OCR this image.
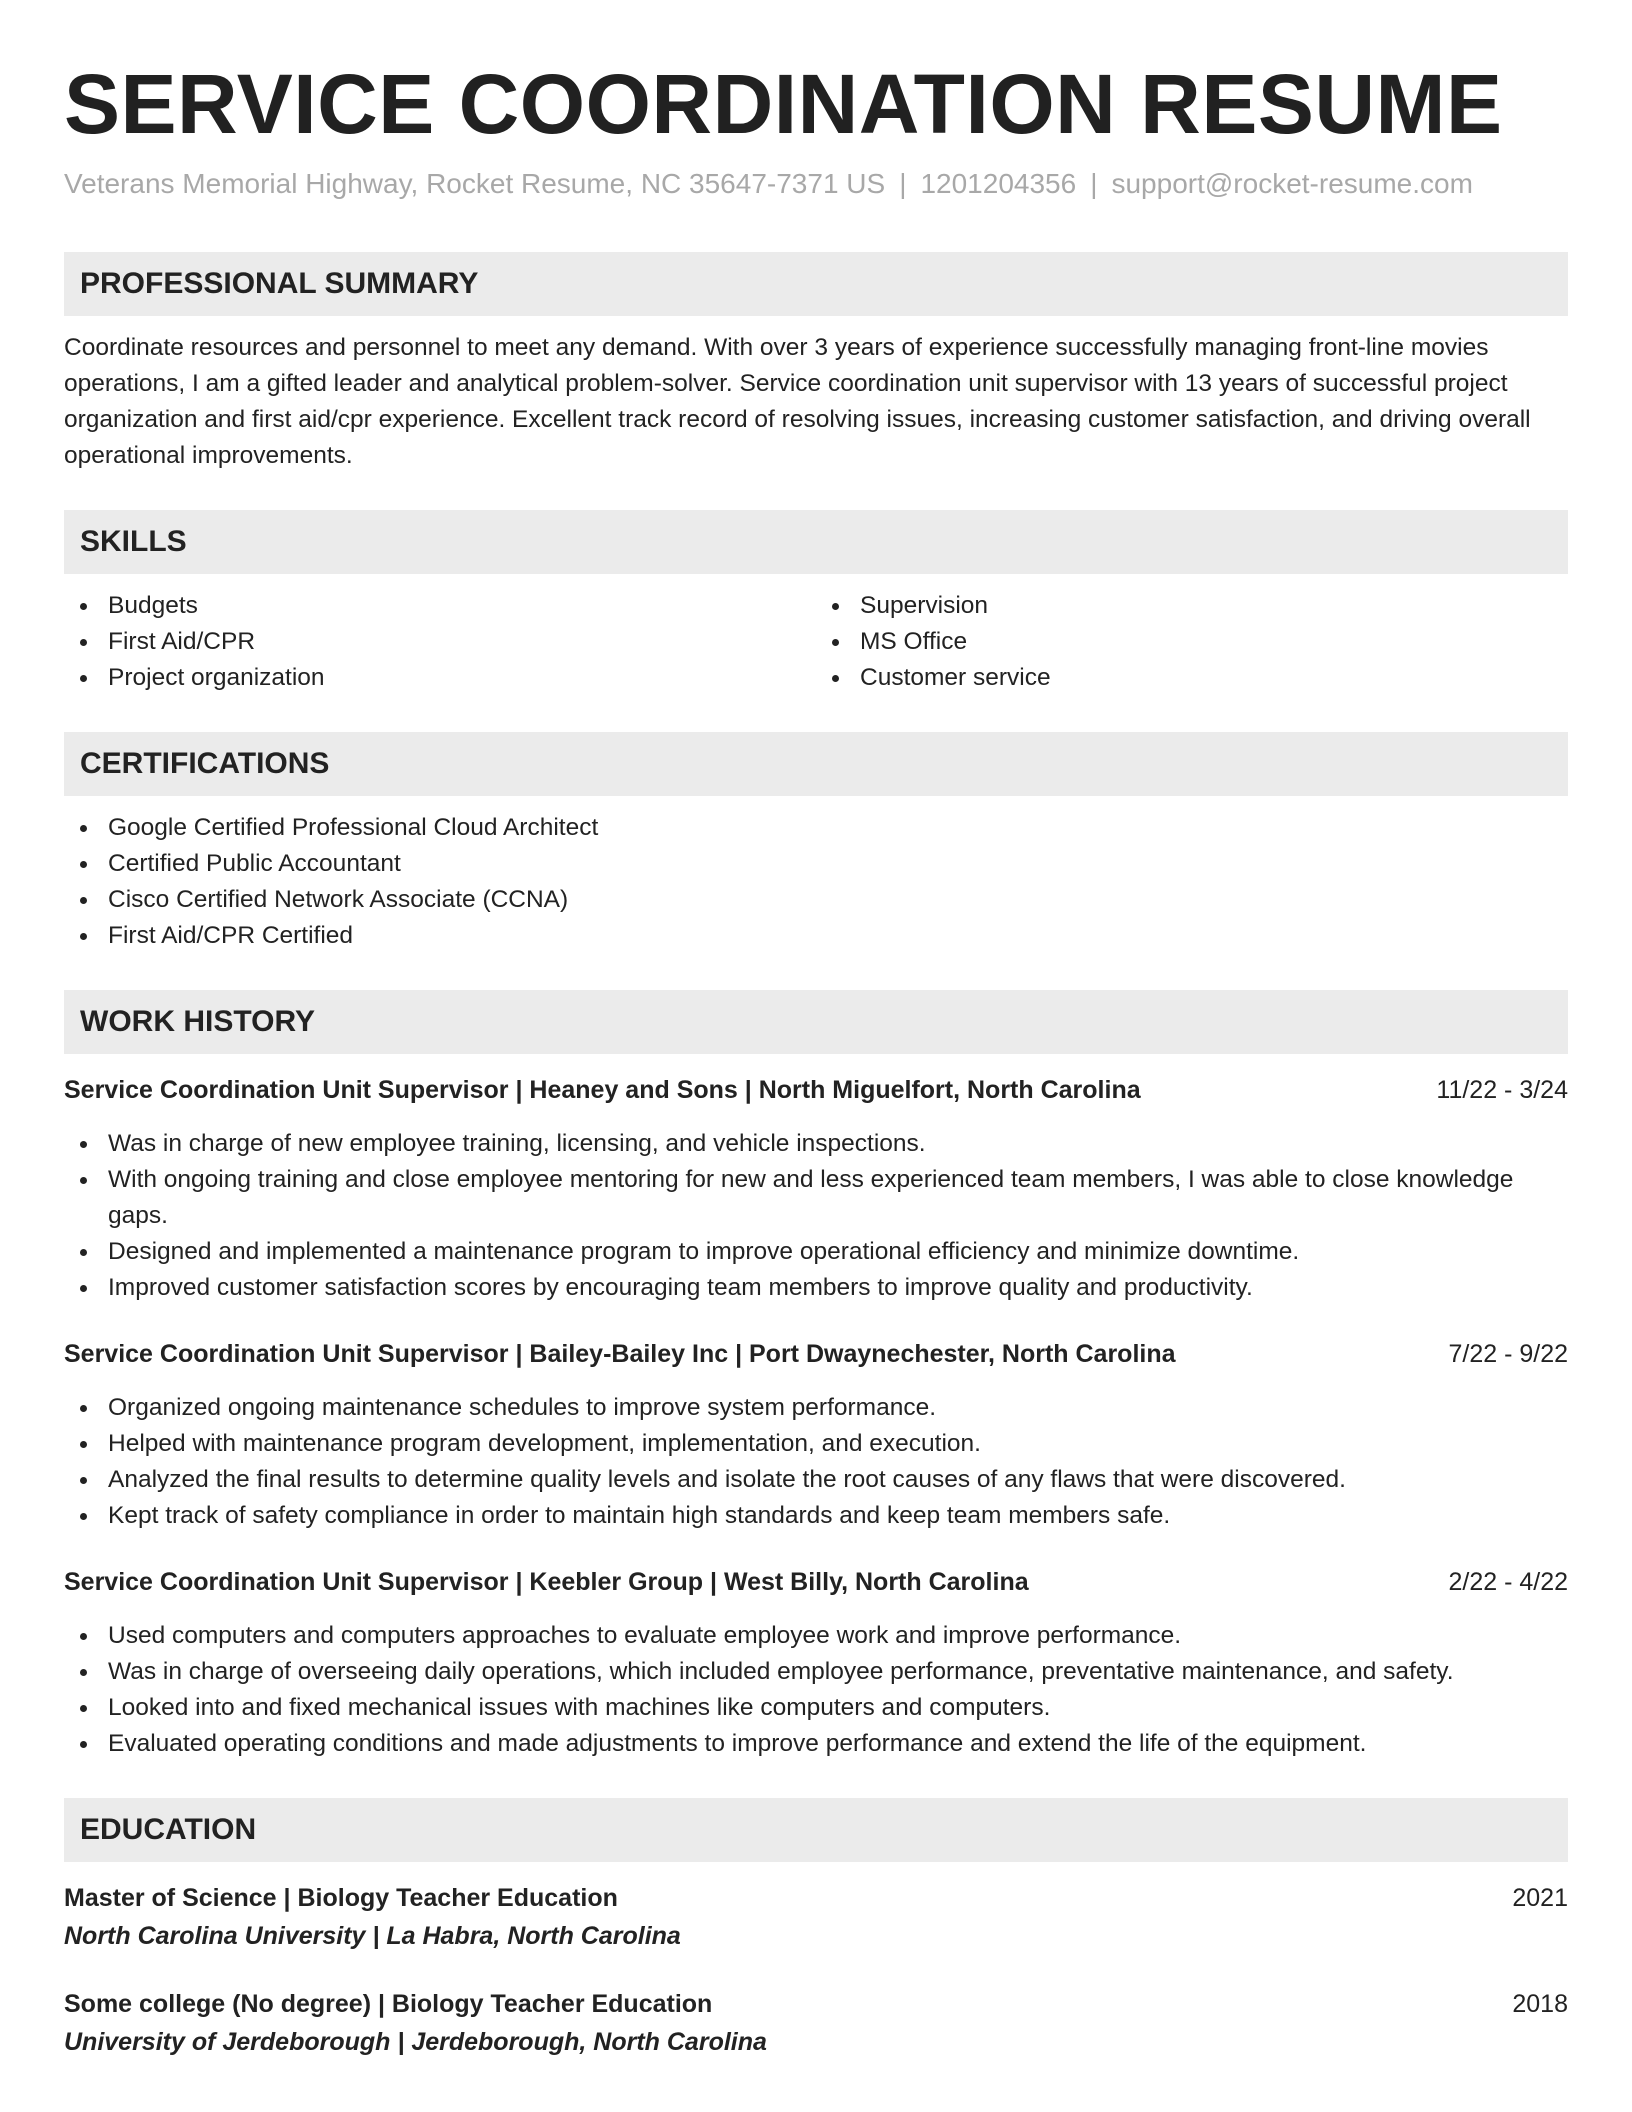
SERVICE COORDINATION RESUME
Veterans Memorial Highway, Rocket Resume, NC 35647-7371 US | 1201204356 | support@rocket-resume.com
PROFESSIONAL SUMMARY
Coordinate resources and personnel to meet any demand. With over 3 years of experience successfully managing front-line movies operations, I am a gifted leader and analytical problem-solver. Service coordination unit supervisor with 13 years of successful project organization and first aid/cpr experience. Excellent track record of resolving issues, increasing customer satisfaction, and driving overall operational improvements.
SKILLS
Budgets
First Aid/CPR
Project organization
Supervision
MS Office
Customer service
CERTIFICATIONS
Google Certified Professional Cloud Architect
Certified Public Accountant
Cisco Certified Network Associate (CCNA)
First Aid/CPR Certified
WORK HISTORY
Service Coordination Unit Supervisor | Heaney and Sons | North Miguelfort, North Carolina	11/22 - 3/24
Was in charge of new employee training, licensing, and vehicle inspections.
With ongoing training and close employee mentoring for new and less experienced team members, I was able to close knowledge gaps.
Designed and implemented a maintenance program to improve operational efficiency and minimize downtime.
Improved customer satisfaction scores by encouraging team members to improve quality and productivity.
Service Coordination Unit Supervisor | Bailey-Bailey Inc | Port Dwaynechester, North Carolina	7/22 - 9/22
Organized ongoing maintenance schedules to improve system performance.
Helped with maintenance program development, implementation, and execution.
Analyzed the final results to determine quality levels and isolate the root causes of any flaws that were discovered.
Kept track of safety compliance in order to maintain high standards and keep team members safe.
Service Coordination Unit Supervisor | Keebler Group | West Billy, North Carolina	2/22 - 4/22
Used computers and computers approaches to evaluate employee work and improve performance.
Was in charge of overseeing daily operations, which included employee performance, preventative maintenance, and safety.
Looked into and fixed mechanical issues with machines like computers and computers.
Evaluated operating conditions and made adjustments to improve performance and extend the life of the equipment.
EDUCATION
Master of Science | Biology Teacher Education	2021
North Carolina University | La Habra, North Carolina
Some college (No degree) | Biology Teacher Education	2018
University of Jerdeborough | Jerdeborough, North Carolina
